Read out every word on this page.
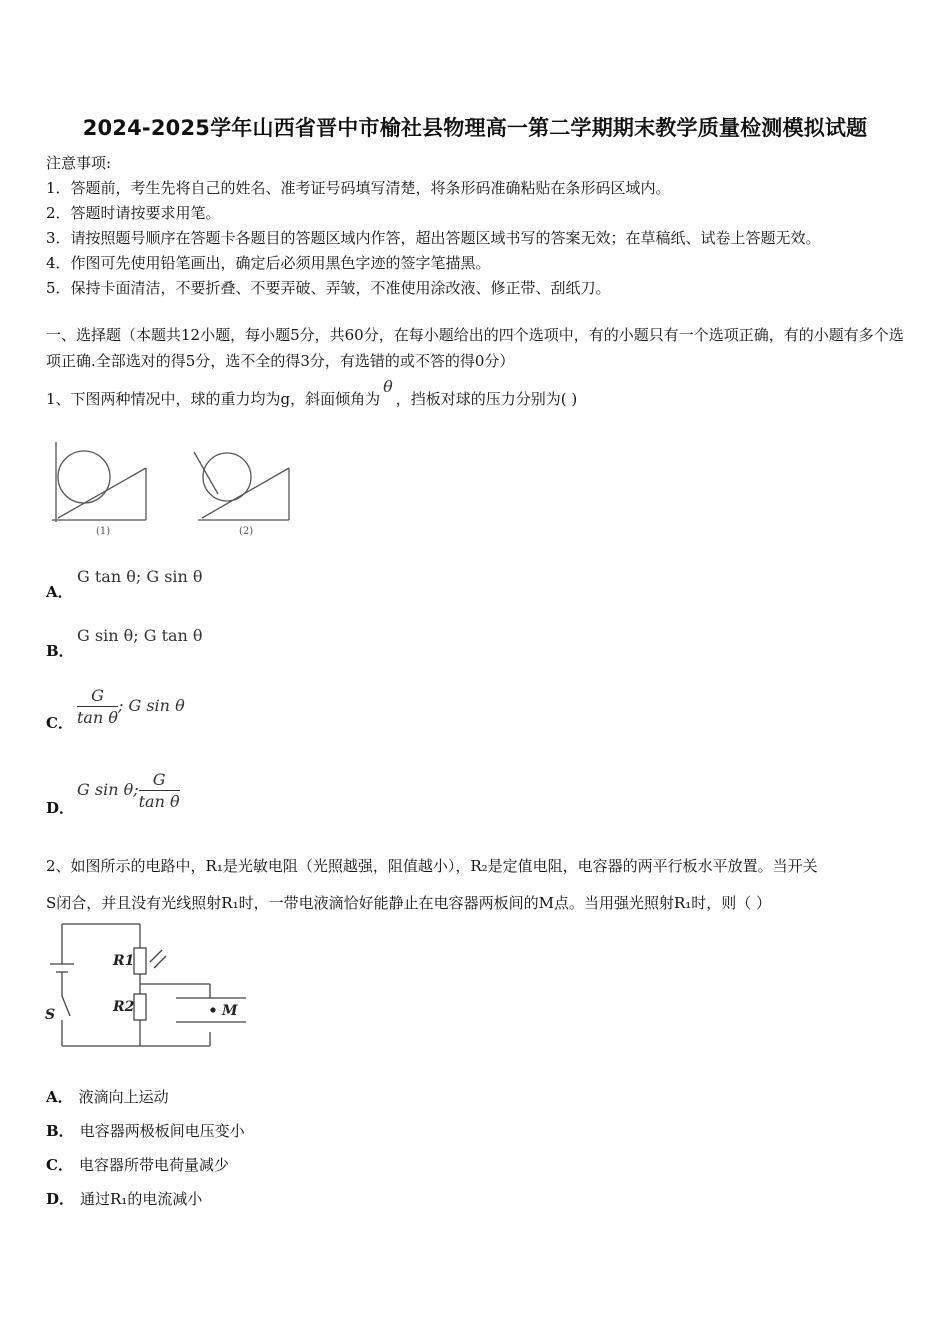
2024-2025学年山西省晋中市榆社县物理高一第二学期期末教学质量检测模拟试题
注意事项:
1．答题前，考生先将自己的姓名、准考证号码填写清楚，将条形码准确粘贴在条形码区域内。
2．答题时请按要求用笔。
3．请按照题号顺序在答题卡各题目的答题区域内作答，超出答题区域书写的答案无效；在草稿纸、试卷上答题无效。
4．作图可先使用铅笔画出，确定后必须用黑色字迹的签字笔描黑。
5．保持卡面清洁，不要折叠、不要弄破、弄皱，不准使用涂改液、修正带、刮纸刀。
一、选择题（本题共12小题，每小题5分，共60分，在每小题给出的四个选项中，有的小题只有一个选项正确，有的小题有多个选项正确.全部选对的得5分，选不全的得3分，有选错的或不答的得0分）
1、下图两种情况中，球的重力均为g，斜面倾角为θ，挡板对球的压力分别为( )
(1)	(2)
A．
G tan θ; G sin θ
B．
G sin θ; G tan θ
C． $\frac{G}{\text{tan θ}}$ ; G sin θ
D．
G sin θ; $\frac{G}{\text{tan θ}}$
2、如图所示的电路中，R₁是光敏电阻（光照越强，阻值越小），R₂是定值电阻，电容器的两平行板水平放置。当开关
S闭合，并且没有光线照射R₁时，一带电液滴恰好能静止在电容器两板间的M点。当用强光照射R₁时，则（ ）
R1
R2
S	M
A． 液滴向上运动
B． 电容器两极板间电压变小
C． 电容器所带电荷量减少
D． 通过R₁的电流减小
